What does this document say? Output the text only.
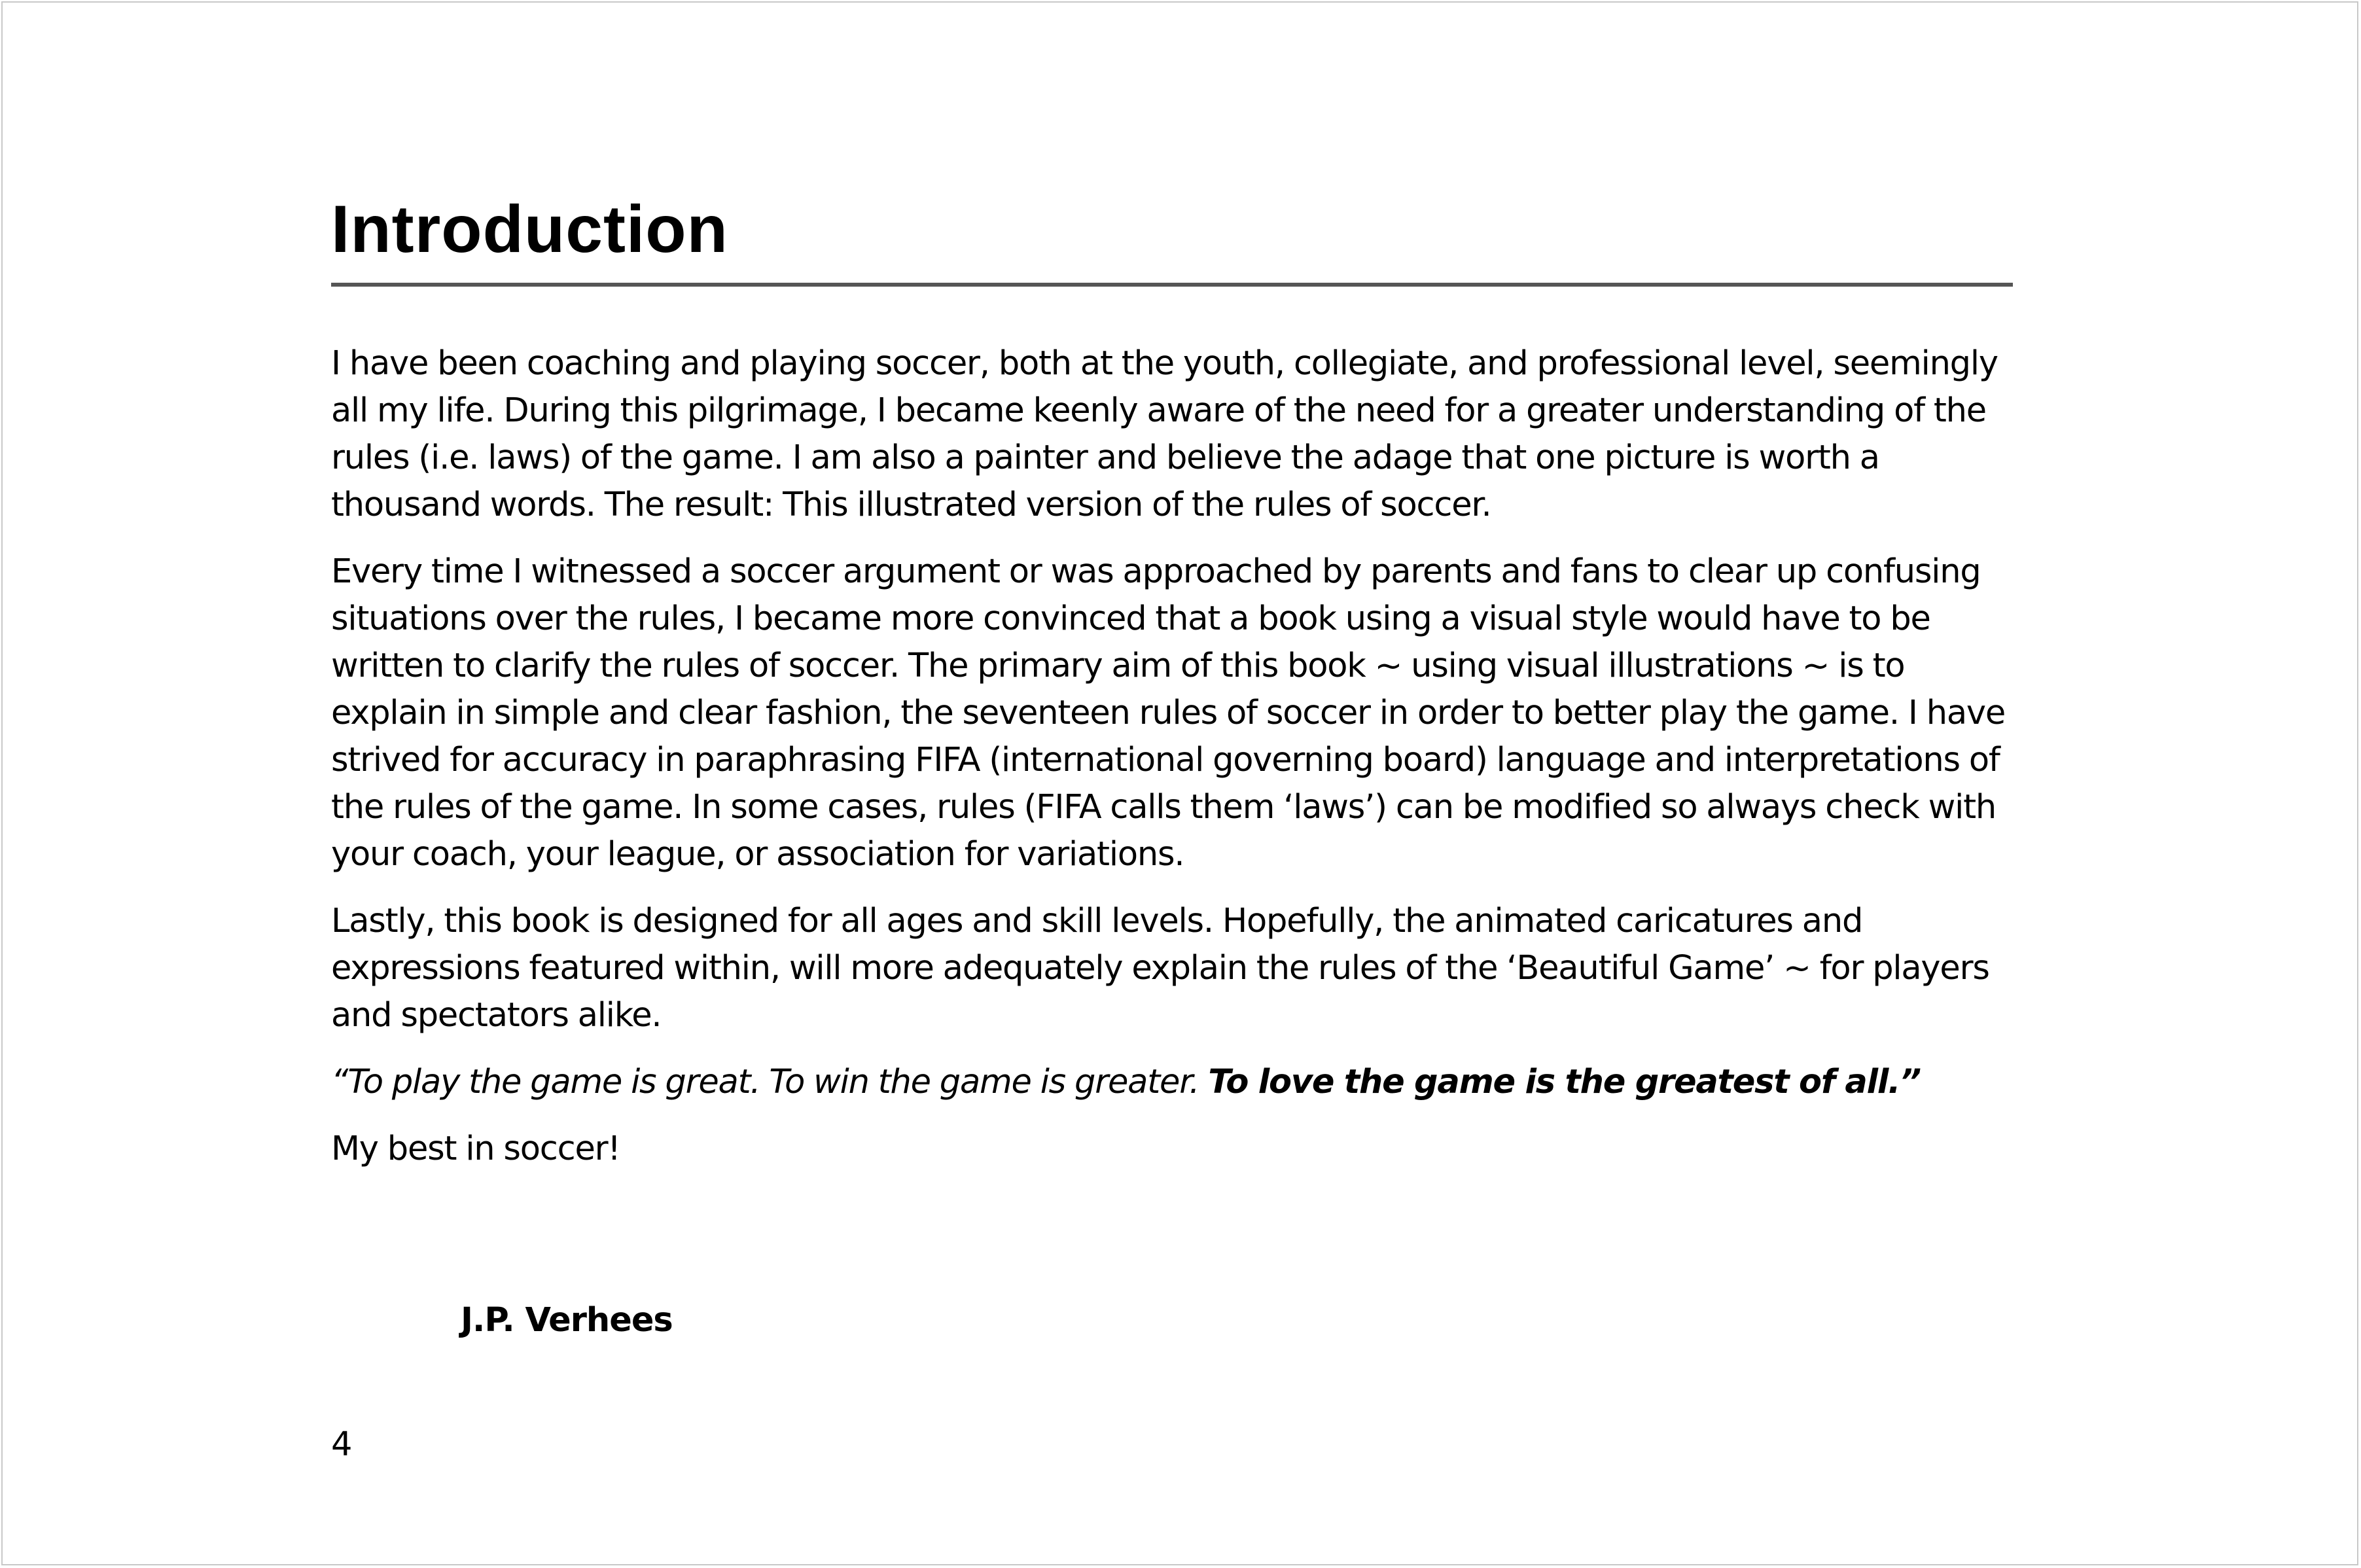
Introduction

I have been coaching and playing soccer, both at the youth, collegiate, and professional level, seemingly all my life. During this pilgrimage, I became keenly aware of the need for a greater understanding of the rules (i.e. laws) of the game. I am also a painter and believe the adage that one picture is worth a thousand words. The result: This illustrated version of the rules of soccer.

Every time I witnessed a soccer argument or was approached by parents and fans to clear up confusing situations over the rules, I became more convinced that a book using a visual style would have to be written to clarify the rules of soccer. The primary aim of this book ~ using visual illustrations ~ is to explain in simple and clear fashion, the seventeen rules of soccer in order to better play the game. I have strived for accuracy in paraphrasing FIFA (international governing board) language and interpretations of the rules of the game. In some cases, rules (FIFA calls them ‘laws’) can be modified so always check with your coach, your league, or association for variations.

Lastly, this book is designed for all ages and skill levels. Hopefully, the animated caricatures and expressions featured within, will more adequately explain the rules of the ‘Beautiful Game’ ~ for players and spectators alike.

“To play the game is great. To win the game is greater. To love the game is the greatest of all.”

My best in soccer!

J.P. Verhees
4
